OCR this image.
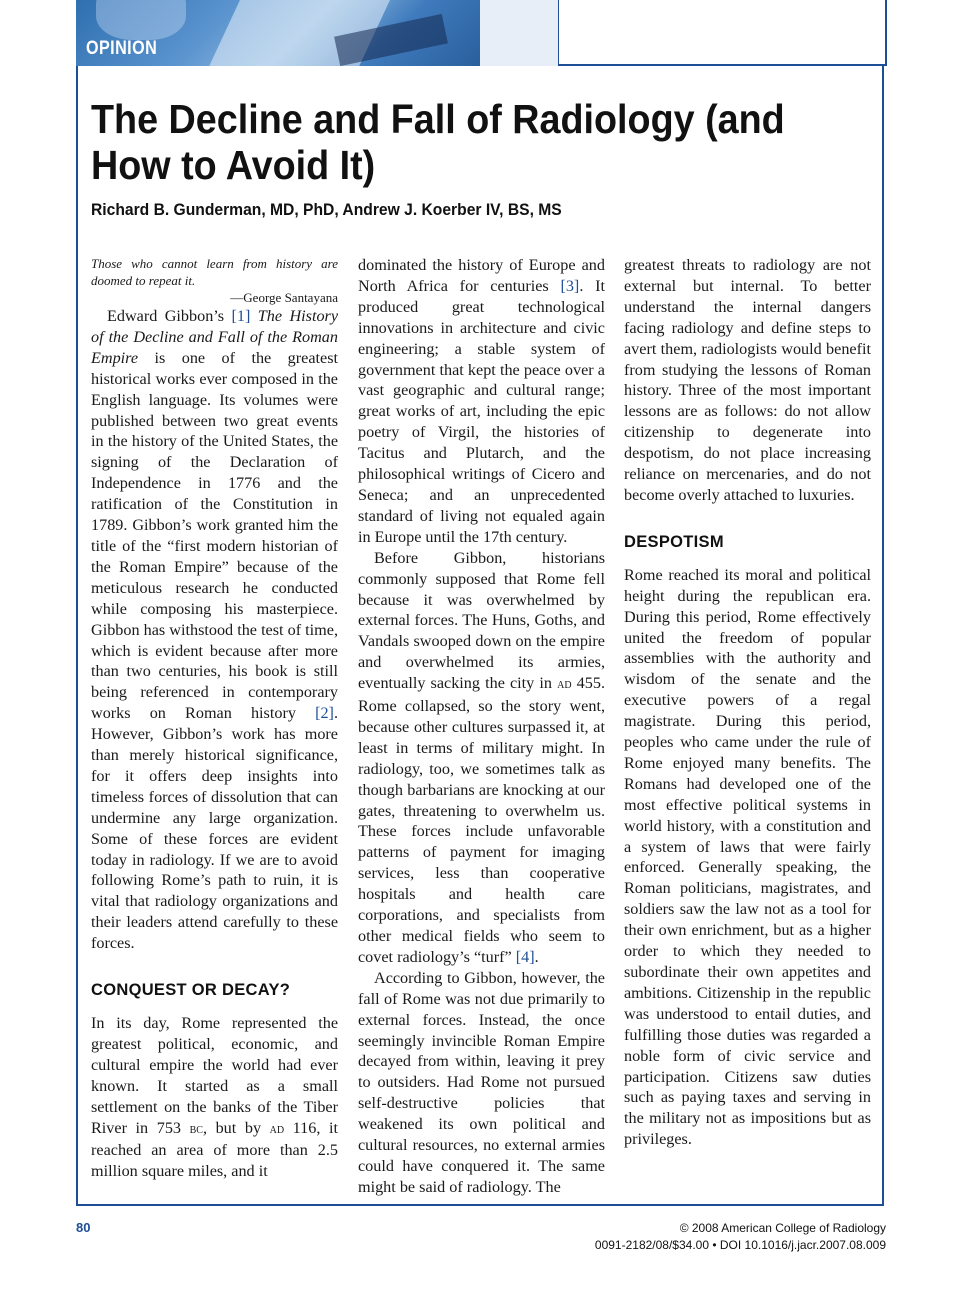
OPINION
The Decline and Fall of Radiology (and How to Avoid It)

Richard B. Gunderman, MD, PhD, Andrew J. Koerber IV, BS, MS

Those who cannot learn from history are doomed to repeat it.

—George Santayana

Edward Gibbon’s [1] The History of the Decline and Fall of the Roman Empire is one of the greatest historical works ever composed in the English language. Its volumes were published between two great events in the history of the United States, the signing of the Declaration of Independence in 1776 and the ratification of the Constitution in 1789. Gibbon’s work granted him the title of the “first modern historian of the Roman Empire” because of the meticulous research he conducted while composing his masterpiece. Gibbon has withstood the test of time, which is evident because after more than two centuries, his book is still being referenced in contemporary works on Roman history [2]. However, Gibbon’s work has more than merely historical significance, for it offers deep insights into timeless forces of dissolution that can undermine any large organization. Some of these forces are evident today in radiology. If we are to avoid following Rome’s path to ruin, it is vital that radiology organizations and their leaders attend carefully to these forces.

CONQUEST OR DECAY?

In its day, Rome represented the greatest political, economic, and cultural empire the world had ever known. It started as a small settlement on the banks of the Tiber River in 753 bc, but by ad 116, it reached an area of more than 2.5 million square miles, and it

dominated the history of Europe and North Africa for centuries [3]. It produced great technological innovations in architecture and civic engineering; a stable system of government that kept the peace over a vast geographic and cultural range; great works of art, including the epic poetry of Virgil, the histories of Tacitus and Plutarch, and the philosophical writings of Cicero and Seneca; and an unprecedented standard of living not equaled again in Europe until the 17th century.

Before Gibbon, historians commonly supposed that Rome fell because it was overwhelmed by external forces. The Huns, Goths, and Vandals swooped down on the empire and overwhelmed its armies, eventually sacking the city in ad 455. Rome collapsed, so the story went, because other cultures surpassed it, at least in terms of military might. In radiology, too, we sometimes talk as though barbarians are knocking at our gates, threatening to overwhelm us. These forces include unfavorable patterns of payment for imaging services, less than cooperative hospitals and health care corporations, and specialists from other medical fields who seem to covet radiology’s “turf” [4].

According to Gibbon, however, the fall of Rome was not due primarily to external forces. Instead, the once seemingly invincible Roman Empire decayed from within, leaving it prey to outsiders. Had Rome not pursued self-destructive policies that weakened its own political and cultural resources, no external armies could have conquered it. The same might be said of radiology. The

greatest threats to radiology are not external but internal. To better understand the internal dangers facing radiology and define steps to avert them, radiologists would benefit from studying the lessons of Roman history. Three of the most important lessons are as follows: do not allow citizenship to degenerate into despotism, do not place increasing reliance on mercenaries, and do not become overly attached to luxuries.

DESPOTISM

Rome reached its moral and political height during the republican era. During this period, Rome effectively united the freedom of popular assemblies with the authority and wisdom of the senate and the executive powers of a regal magistrate. During this period, peoples who came under the rule of Rome enjoyed many benefits. The Romans had developed one of the most effective political systems in world history, with a constitution and a system of laws that were fairly enforced. Generally speaking, the Roman politicians, magistrates, and soldiers saw the law not as a tool for their own enrichment, but as a higher order to which they needed to subordinate their own appetites and ambitions. Citizenship in the republic was understood to entail duties, and fulfilling those duties was regarded a noble form of civic service and participation. Citizens saw duties such as paying taxes and serving in the military not as impositions but as privileges.

80	© 2008 American College of Radiology
0091-2182/08/$34.00 • DOI 10.1016/j.jacr.2007.08.009
